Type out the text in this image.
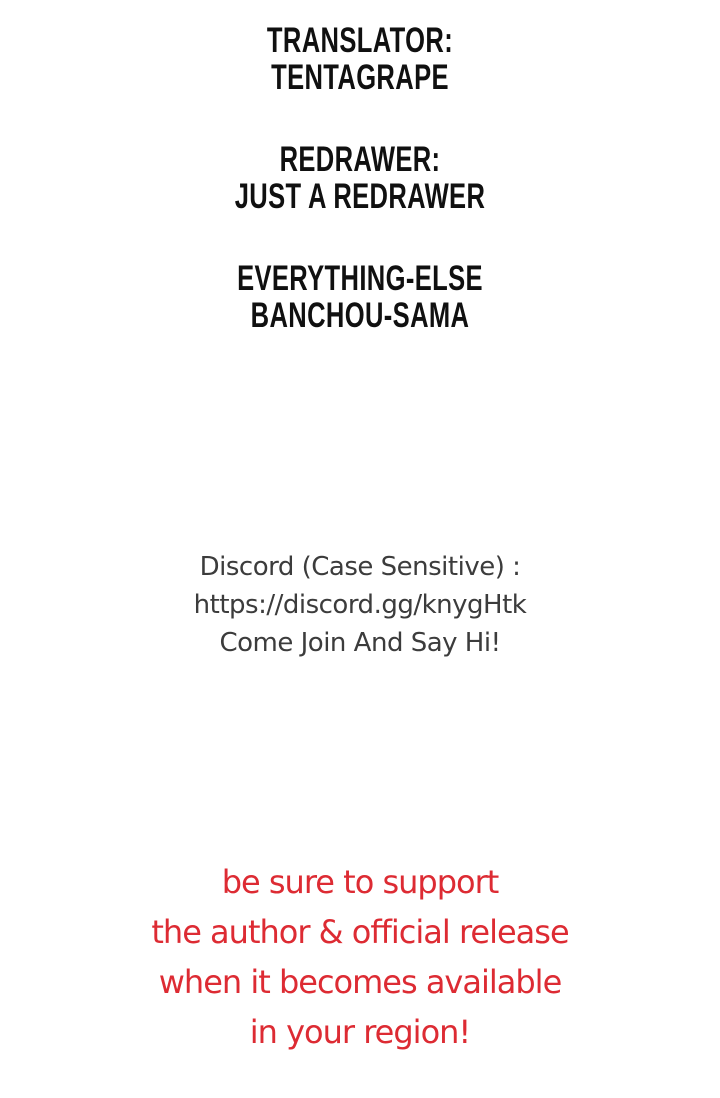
TRANSLATOR:
TENTAGRAPE
REDRAWER:
JUST A REDRAWER
EVERYTHING-ELSE
BANCHOU-SAMA
Discord (Case Sensitive) :
https://discord.gg/knygHtk
Come Join And Say Hi!
be sure to support
the author & official release
when it becomes available
in your region!
